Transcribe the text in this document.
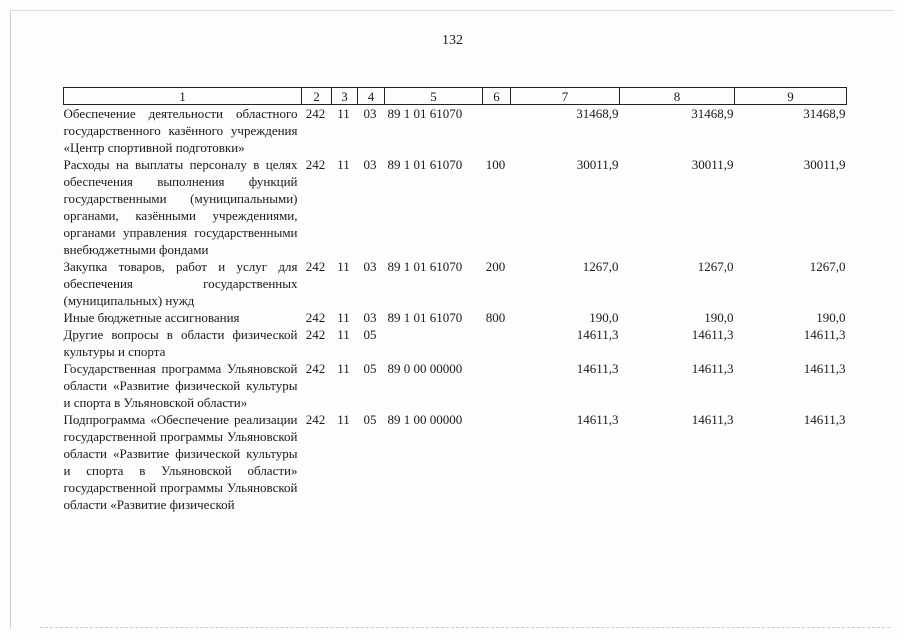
132
1	2	3	4	5	6	7	8	9
Обеспечение деятельности областного государственного казённого учреждения «Центр спортивной подготовки»	242	11	03	89 1 01 61070		31468,9	31468,9	31468,9
Расходы на выплаты персоналу в целях обеспечения выполнения функций государственными (муниципальными) органами, казёнными учреждениями, органами управления государственными внебюджетными фондами	242	11	03	89 1 01 61070	100	30011,9	30011,9	30011,9
Закупка товаров, работ и услуг для обеспечения государственных (муниципальных) нужд	242	11	03	89 1 01 61070	200	1267,0	1267,0	1267,0
Иные бюджетные ассигнования	242	11	03	89 1 01 61070	800	190,0	190,0	190,0
Другие вопросы в области физической культуры и спорта	242	11	05			14611,3	14611,3	14611,3
Государственная программа Ульяновской области «Развитие физической культуры и спорта в Ульяновской области»	242	11	05	89 0 00 00000		14611,3	14611,3	14611,3
Подпрограмма «Обеспечение реализации государственной программы Ульяновской области «Развитие физической культуры и спорта в Ульяновской области» государственной программы Ульяновской области «Развитие физической	242	11	05	89 1 00 00000		14611,3	14611,3	14611,3
